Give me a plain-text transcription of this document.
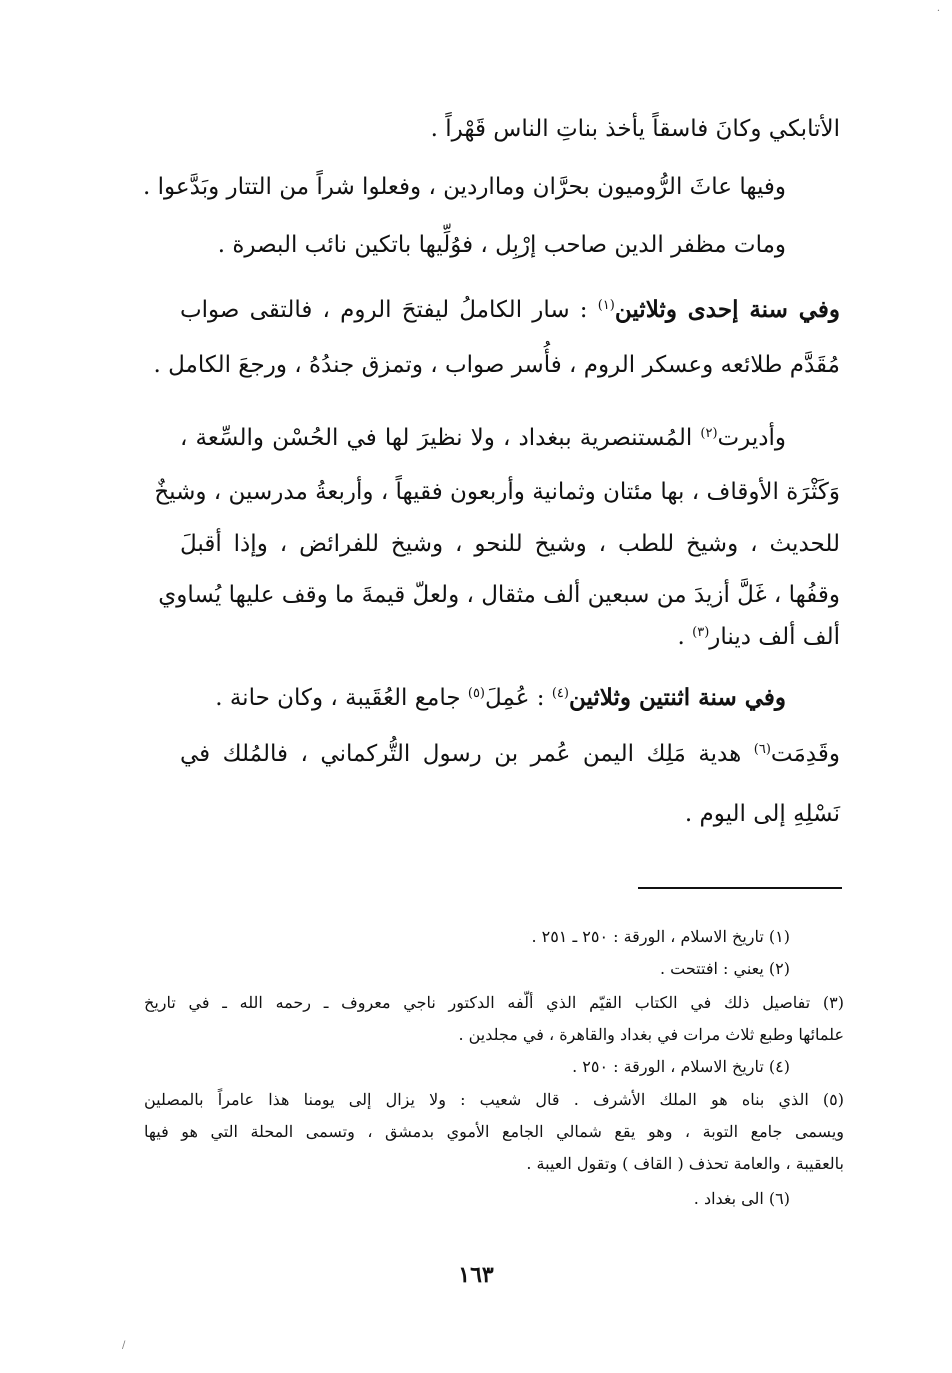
·
الأتابكي وكانَ فاسقاً يأخذ بناتِ الناس قَهْراً .
وفيها عاثَ الرُّوميون بحرَّان ومااردين ، وفعلوا شراً من التتار وبَدَّعوا .
ومات مظفر الدين صاحب إرْبِل ، فوُلِّيها باتكين نائب البصرة .
وفي سنة إحدى وثلاثين$^{(١)}$ : سار الكاملُ ليفتحَ الروم ، فالتقى صواب
مُقَدَّم طلائعه وعسكر الروم ، فأُسر صواب ، وتمزق جندُهُ ، ورجعَ الكامل .
وأديرت$^{(٢)}$ المُستنصرية ببغداد ، ولا نظيرَ لها في الحُسْن والسِّعة ،
وَكَثْرَة الأوقاف ، بها مئتان وثمانية وأربعون فقيهاً ، وأربعةُ مدرسين ، وشيخٌ
للحديث ، وشيخ للطب ، وشيخ للنحو ، وشيخ للفرائض ، وإذا أقبلَ
وقفُها ، غَلَّ أزيدَ من سبعين ألف مثقال ، ولعلّ قيمةَ ما وقف عليها يُساوي
ألف ألف دينار$^{(٣)}$ .
وفي سنة اثنتين وثلاثين$^{(٤)}$ : عُمِلَ$^{(٥)}$ جامع العُقَيبة ، وكان حانة .
وقَدِمَت$^{(٦)}$ هدية مَلِك اليمن عُمر بن رسول التُّركماني ، فالمُلك في
نَسْلِهِ إلى اليوم .
(١) تاريخ الاسلام ، الورقة : ٢٥٠ ـ ٢٥١ .
(٢) يعني : افتتحت .
(٣) تفاصيل ذلك في الكتاب القيّم الذي ألّفه الدكتور ناجي معروف ـ رحمه الله ـ في تاريخ
علمائها وطبع ثلاث مرات في بغداد والقاهرة ، في مجلدين .
(٤) تاريخ الاسلام ، الورقة : ٢٥٠ .
(٥) الذي بناه هو الملك الأشرف . قال شعيب : ولا يزال إلى يومنا هذا عامراً بالمصلين
ويسمى جامع التوبة ، وهو يقع شمالي الجامع الأموي بدمشق ، وتسمى المحلة التي هو فيها
بالعقيبة ، والعامة تحذف ( القاف ) وتقول العيبة .
(٦) الى بغداد .
١٦٣
/
